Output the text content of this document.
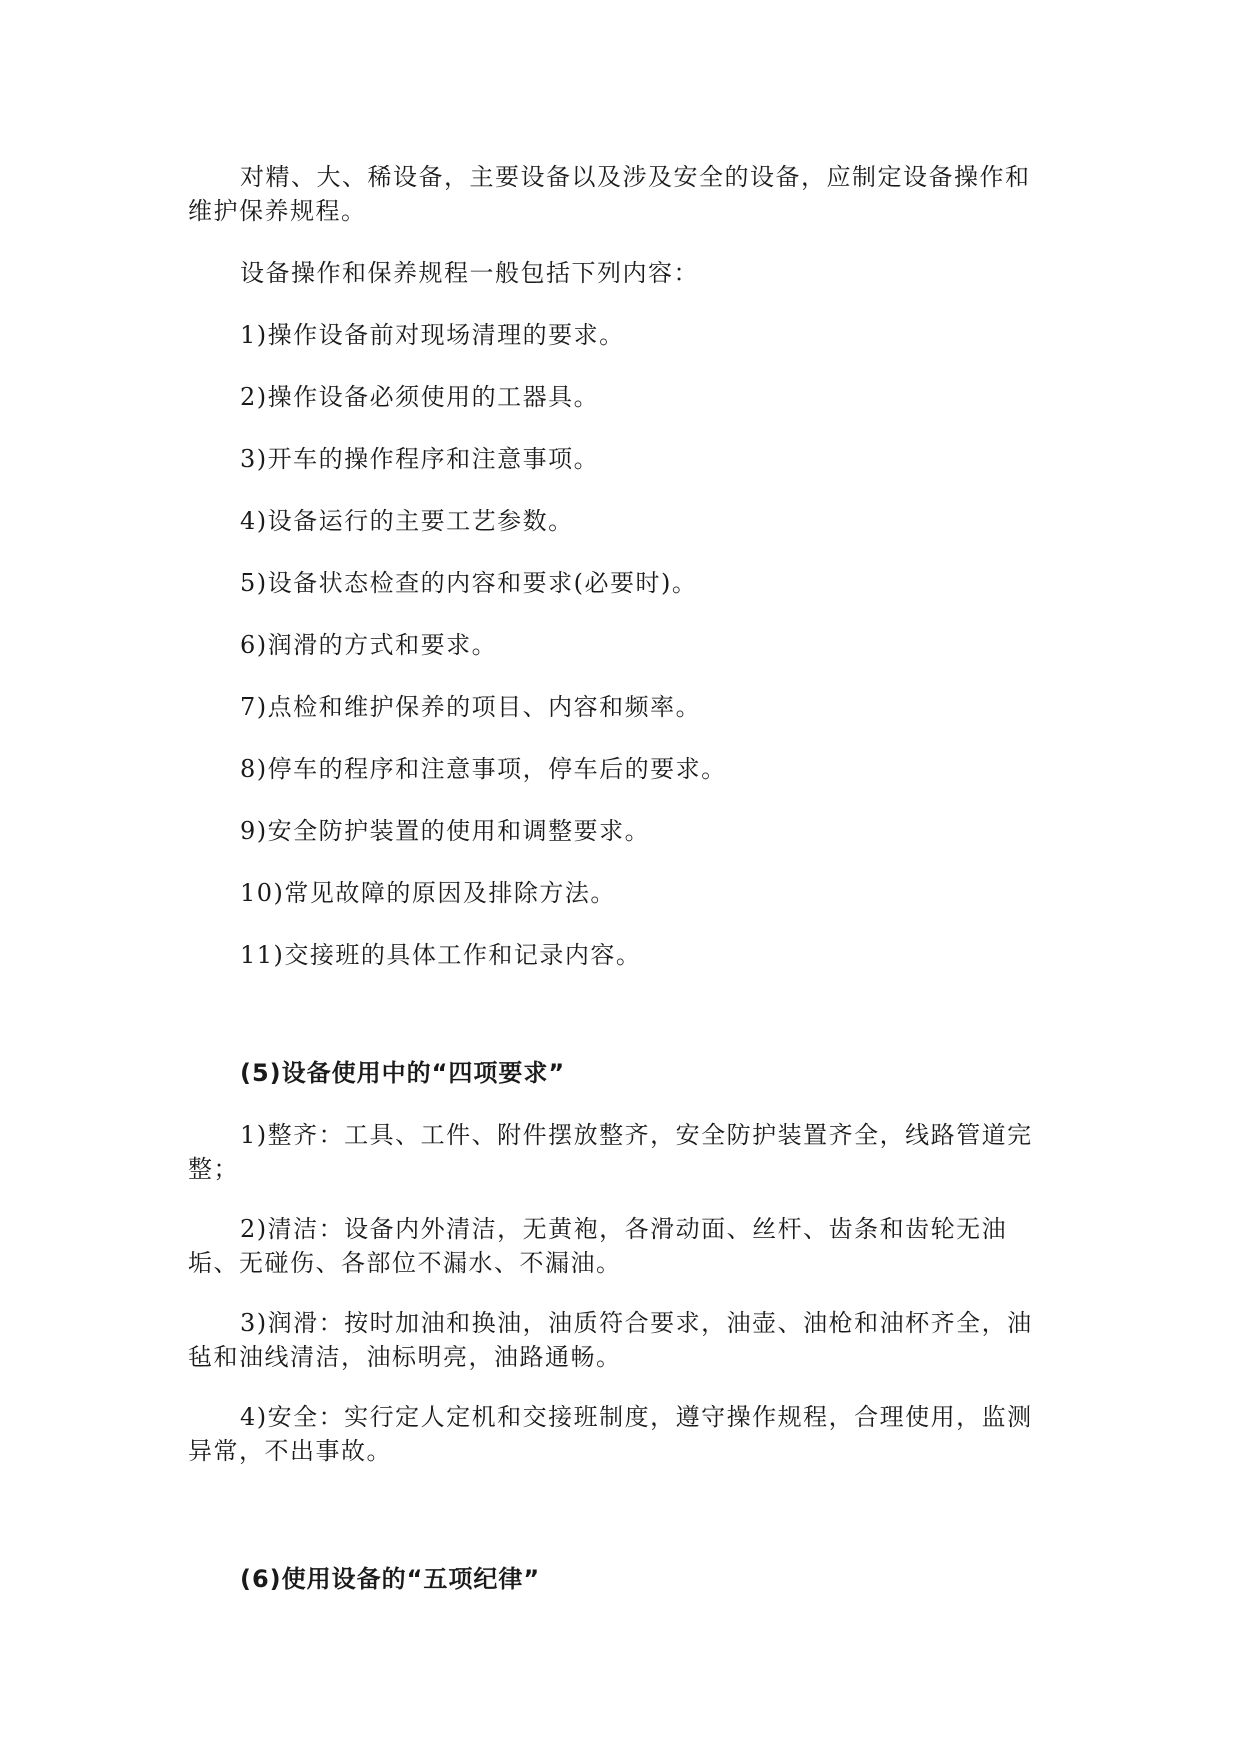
对精、大、稀设备，主要设备以及涉及安全的设备，应制定设备操作和维护保养规程。

设备操作和保养规程一般包括下列内容：

1)操作设备前对现场清理的要求。

2)操作设备必须使用的工器具。

3)开车的操作程序和注意事项。

4)设备运行的主要工艺参数。

5)设备状态检查的内容和要求(必要时)。

6)润滑的方式和要求。

7)点检和维护保养的项目、内容和频率。

8)停车的程序和注意事项，停车后的要求。

9)安全防护装置的使用和调整要求。

10)常见故障的原因及排除方法。

11)交接班的具体工作和记录内容。

(5)设备使用中的“四项要求”

1)整齐：工具、工件、附件摆放整齐，安全防护装置齐全，线路管道完整；

2)清洁：设备内外清洁，无黄袍，各滑动面、丝杆、齿条和齿轮无油垢、无碰伤、各部位不漏水、不漏油。

3)润滑：按时加油和换油，油质符合要求，油壶、油枪和油杯齐全，油毡和油线清洁，油标明亮，油路通畅。

4)安全：实行定人定机和交接班制度，遵守操作规程，合理使用，监测异常，不出事故。

(6)使用设备的“五项纪律”
